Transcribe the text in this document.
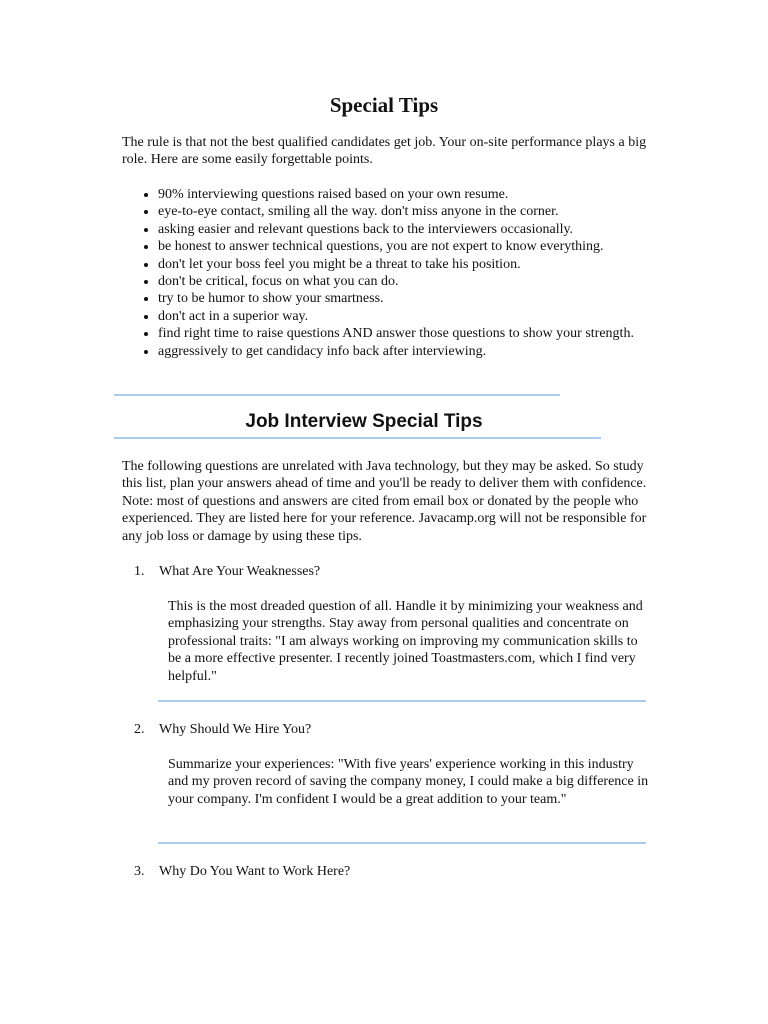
Special Tips

The rule is that not the best qualified candidates get job. Your on-site performance plays a big role. Here are some easily forgettable points.

• 90% interviewing questions raised based on your own resume.
• eye-to-eye contact, smiling all the way. don't miss anyone in the corner.
• asking easier and relevant questions back to the interviewers occasionally.
• be honest to answer technical questions, you are not expert to know everything.
• don't let your boss feel you might be a threat to take his position.
• don't be critical, focus on what you can do.
• try to be humor to show your smartness.
• don't act in a superior way.
• find right time to raise questions AND answer those questions to show your strength.
• aggressively to get candidacy info back after interviewing.
Job Interview Special Tips

The following questions are unrelated with Java technology, but they may be asked. So study this list, plan your answers ahead of time and you'll be ready to deliver them with confidence. Note: most of questions and answers are cited from email box or donated by the people who experienced. They are listed here for your reference. Javacamp.org will not be responsible for any job loss or damage by using these tips.

1. What Are Your Weaknesses?

This is the most dreaded question of all. Handle it by minimizing your weakness and emphasizing your strengths. Stay away from personal qualities and concentrate on professional traits: "I am always working on improving my communication skills to be a more effective presenter. I recently joined Toastmasters.com, which I find very helpful."

2. Why Should We Hire You?

Summarize your experiences: "With five years' experience working in this industry and my proven record of saving the company money, I could make a big difference in your company. I'm confident I would be a great addition to your team."

3. Why Do You Want to Work Here?
